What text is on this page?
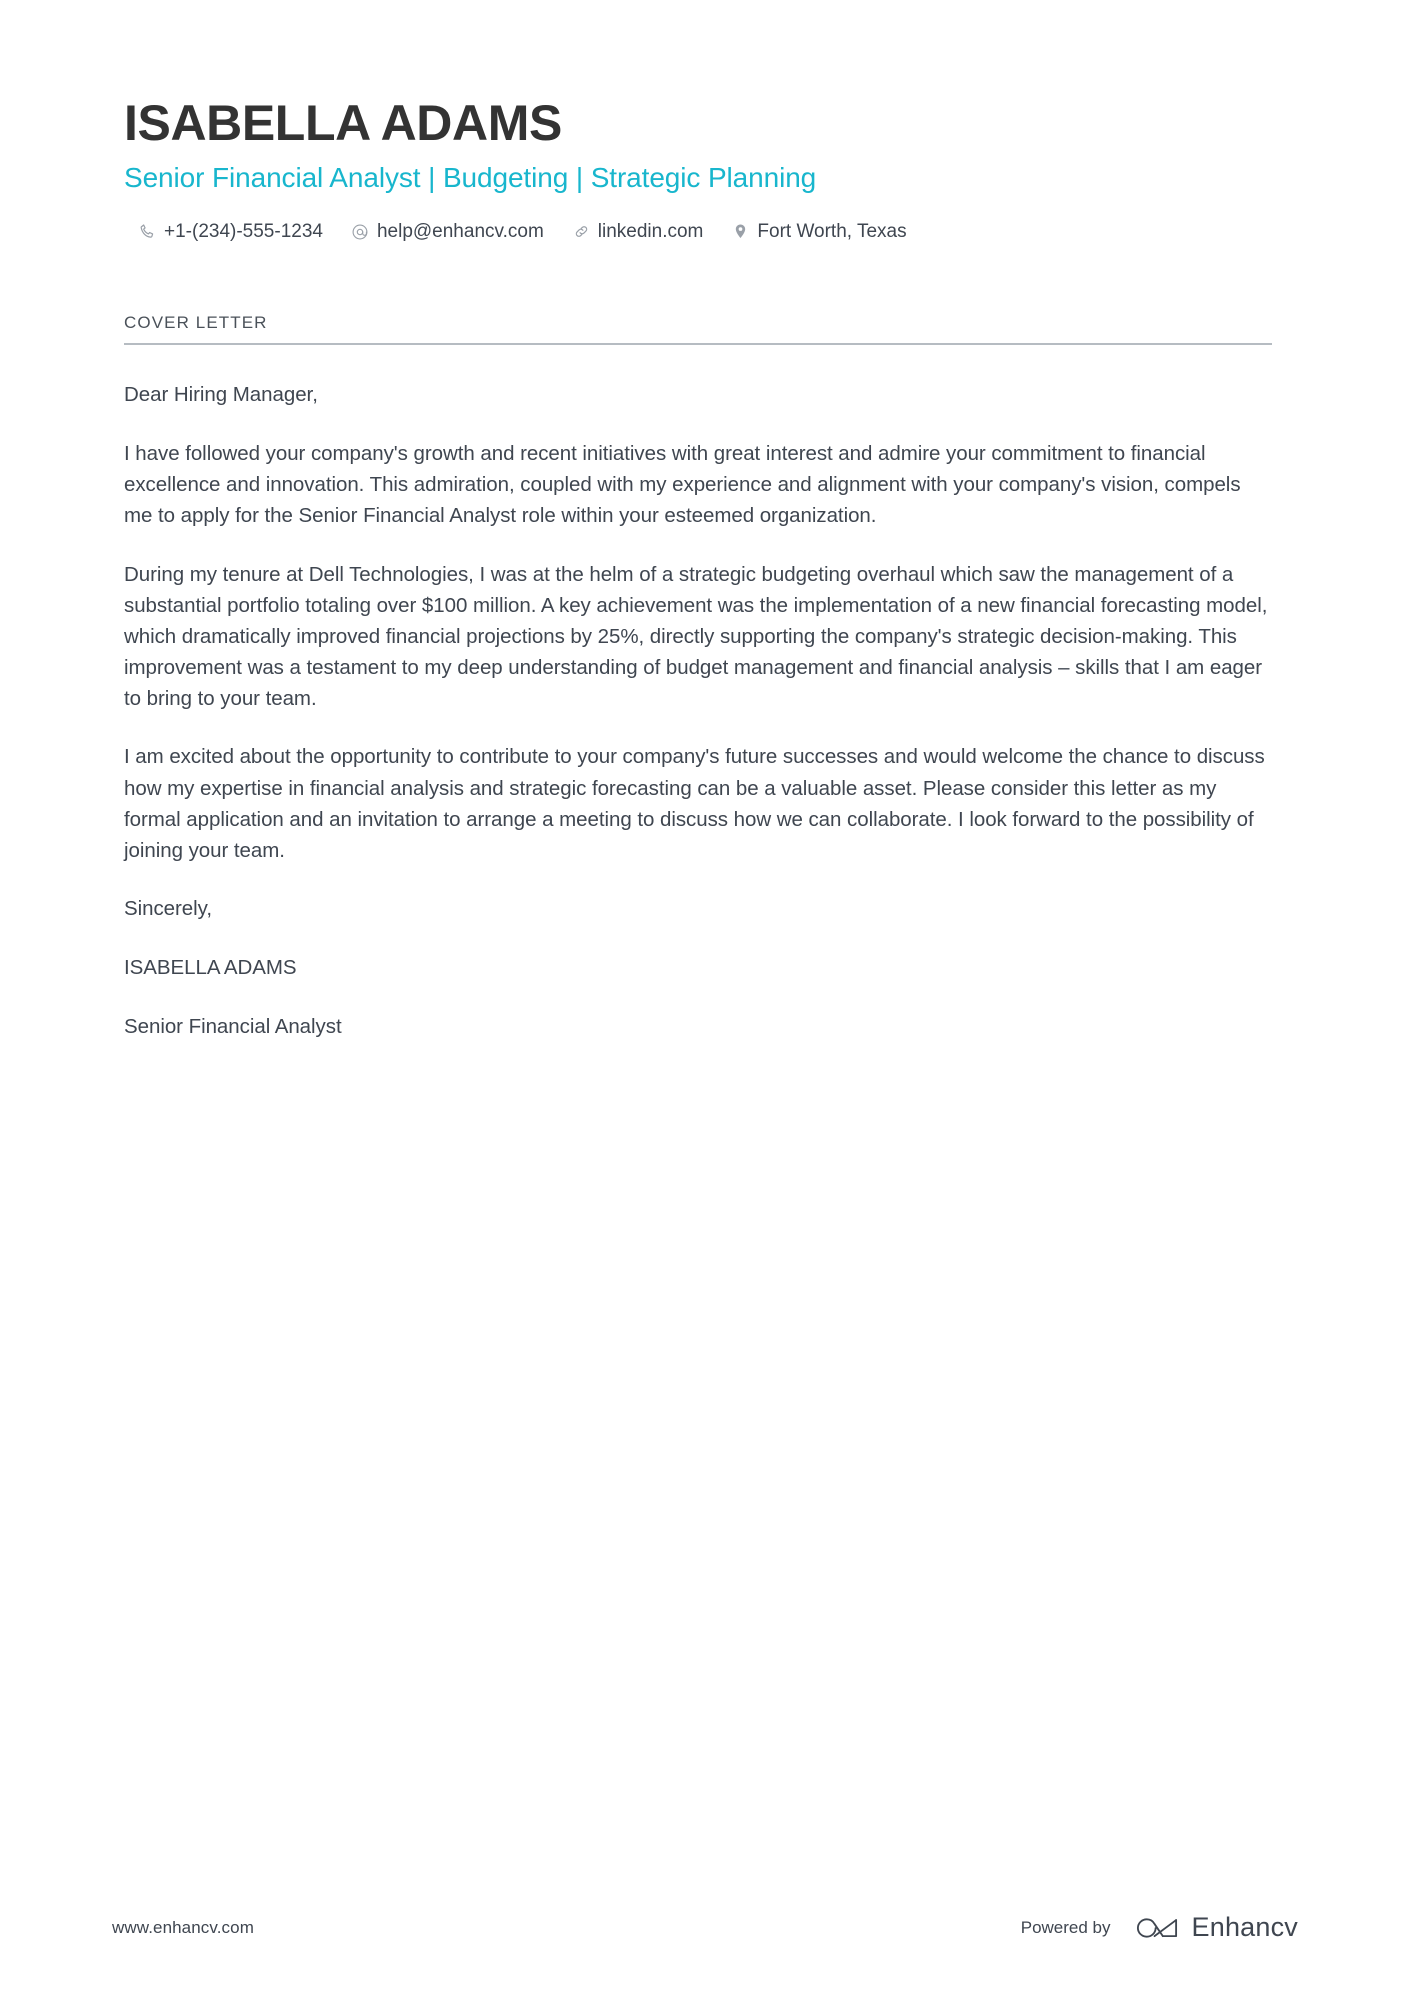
ISABELLA ADAMS
Senior Financial Analyst | Budgeting | Strategic Planning
+1-(234)-555-1234	help@enhancv.com	linkedin.com	Fort Worth, Texas
COVER LETTER

Dear Hiring Manager,

I have followed your company's growth and recent initiatives with great interest and admire your commitment to financial excellence and innovation. This admiration, coupled with my experience and alignment with your company's vision, compels me to apply for the Senior Financial Analyst role within your esteemed organization.

During my tenure at Dell Technologies, I was at the helm of a strategic budgeting overhaul which saw the management of a substantial portfolio totaling over $100 million. A key achievement was the implementation of a new financial forecasting model, which dramatically improved financial projections by 25%, directly supporting the company's strategic decision-making. This improvement was a testament to my deep understanding of budget management and financial analysis – skills that I am eager to bring to your team.

I am excited about the opportunity to contribute to your company's future successes and would welcome the chance to discuss how my expertise in financial analysis and strategic forecasting can be a valuable asset. Please consider this letter as my formal application and an invitation to arrange a meeting to discuss how we can collaborate. I look forward to the possibility of joining your team.

Sincerely,

ISABELLA ADAMS

Senior Financial Analyst

www.enhancv.com	Powered by	Enhancv
